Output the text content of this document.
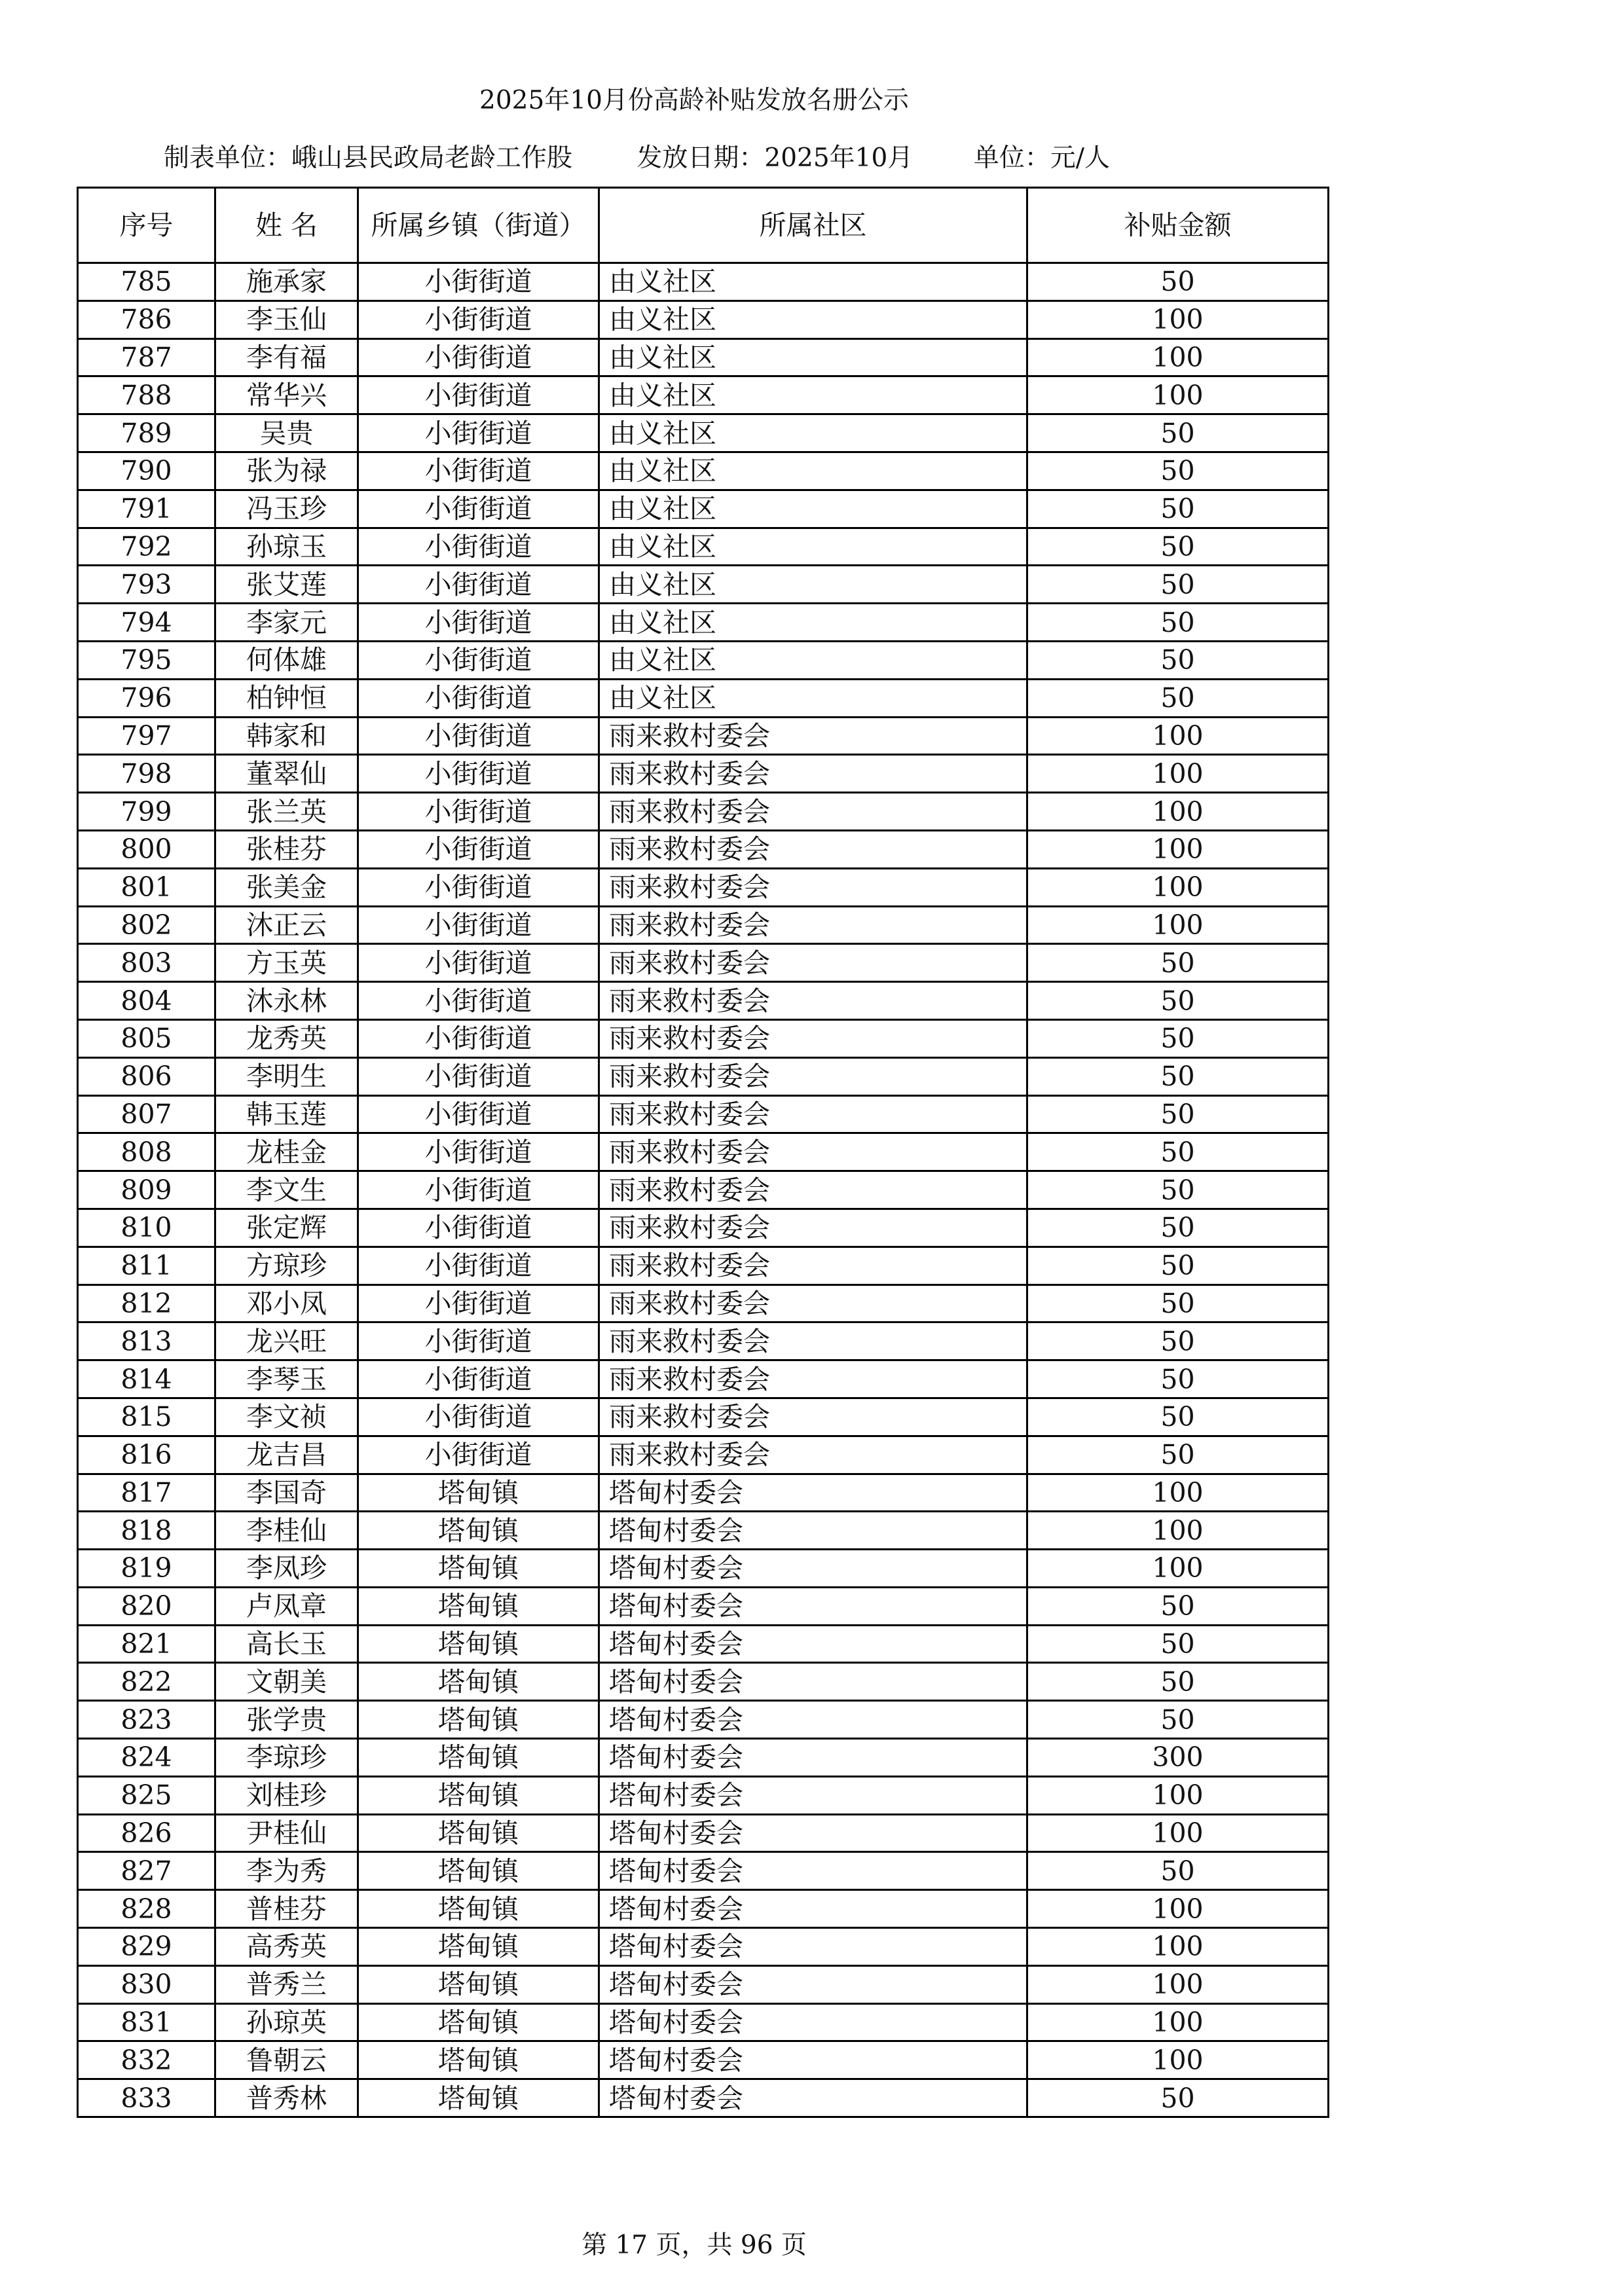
2025年10月份高龄补贴发放名册公示
制表单位：峨山县民政局老龄工作股	发放日期：2025年10月 单位：元/人
序号	姓 名	所属乡镇（街道）	所属社区	补贴金额
785	施承家	小街街道	由义社区	50
786	李玉仙	小街街道	由义社区	100
787	李有福	小街街道	由义社区	100
788	常华兴	小街街道	由义社区	100
789	吴贵	小街街道	由义社区	50
790	张为禄	小街街道	由义社区	50
791	冯玉珍	小街街道	由义社区	50
792	孙琼玉	小街街道	由义社区	50
793	张艾莲	小街街道	由义社区	50
794	李家元	小街街道	由义社区	50
795	何体雄	小街街道	由义社区	50
796	柏钟恒	小街街道	由义社区	50
797	韩家和	小街街道	雨来救村委会	100
798	董翠仙	小街街道	雨来救村委会	100
799	张兰英	小街街道	雨来救村委会	100
800	张桂芬	小街街道	雨来救村委会	100
801	张美金	小街街道	雨来救村委会	100
802	沐正云	小街街道	雨来救村委会	100
803	方玉英	小街街道	雨来救村委会	50
804	沐永林	小街街道	雨来救村委会	50
805	龙秀英	小街街道	雨来救村委会	50
806	李明生	小街街道	雨来救村委会	50
807	韩玉莲	小街街道	雨来救村委会	50
808	龙桂金	小街街道	雨来救村委会	50
809	李文生	小街街道	雨来救村委会	50
810	张定辉	小街街道	雨来救村委会	50
811	方琼珍	小街街道	雨来救村委会	50
812	邓小凤	小街街道	雨来救村委会	50
813	龙兴旺	小街街道	雨来救村委会	50
814	李琴玉	小街街道	雨来救村委会	50
815	李文祯	小街街道	雨来救村委会	50
816	龙吉昌	小街街道	雨来救村委会	50
817	李国奇	塔甸镇	塔甸村委会	100
818	李桂仙	塔甸镇	塔甸村委会	100
819	李凤珍	塔甸镇	塔甸村委会	100
820	卢凤章	塔甸镇	塔甸村委会	50
821	高长玉	塔甸镇	塔甸村委会	50
822	文朝美	塔甸镇	塔甸村委会	50
823	张学贵	塔甸镇	塔甸村委会	50
824	李琼珍	塔甸镇	塔甸村委会	300
825	刘桂珍	塔甸镇	塔甸村委会	100
826	尹桂仙	塔甸镇	塔甸村委会	100
827	李为秀	塔甸镇	塔甸村委会	50
828	普桂芬	塔甸镇	塔甸村委会	100
829	高秀英	塔甸镇	塔甸村委会	100
830	普秀兰	塔甸镇	塔甸村委会	100
831	孙琼英	塔甸镇	塔甸村委会	100
832	鲁朝云	塔甸镇	塔甸村委会	100
833	普秀林	塔甸镇	塔甸村委会	50
第 17 页，共 96 页
